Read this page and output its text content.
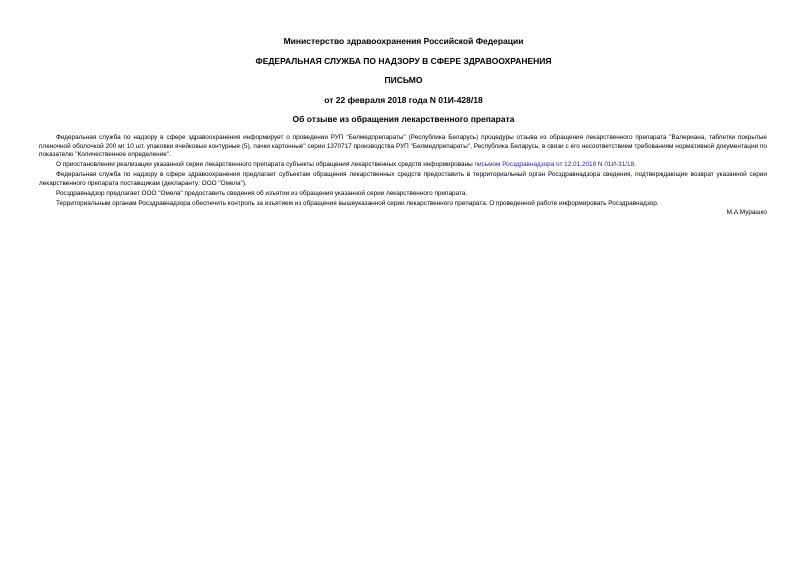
Министерство здравоохранения Российской Федерации
ФЕДЕРАЛЬНАЯ СЛУЖБА ПО НАДЗОРУ В СФЕРЕ ЗДРАВООХРАНЕНИЯ
ПИСЬМО
от 22 февраля 2018 года N 01И-428/18
Об отзыве из обращения лекарственного препарата

Федеральная служба по надзору в сфере здравоохранения информирует о проведении РУП "Белмедпрепараты" (Республика Беларусь) процедуры отзыва из обращения лекарственного препарата "Валериана, таблетки покрытые пленочной оболочкой 200 мг 10 шт, упаковки ячейковые контурные (5), пачки картонные" серии 1370717 производства РУП "Белмедпрепараты", Республика Беларусь, в связи с его несоответствием требованиям нормативной документации по показателю "Количественное определение".

О приостановлении реализации указанной серии лекарственного препарата субъекты обращения лекарственных средств информированы письмом Росздравнадзора от 12.01.2018 N 01И-31/18.

Федеральная служба по надзору в сфере здравоохранения предлагает субъектам обращения лекарственных средств предоставить в территориальный орган Росздравнадзора сведения, подтверждающие возврат указанной серии лекарственного препарата поставщикам (декларанту: ООО "Омела").

Росздравнадзор предлагает ООО "Омела" предоставить сведения об изъятии из обращения указанной серии лекарственного препарата.

Территориальным органам Росздравнадзора обеспечить контроль за изъятием из обращения вышеуказанной серии лекарственного препарата. О проведенной работе информировать Росздравнадзор.

М.А.Мурашко
